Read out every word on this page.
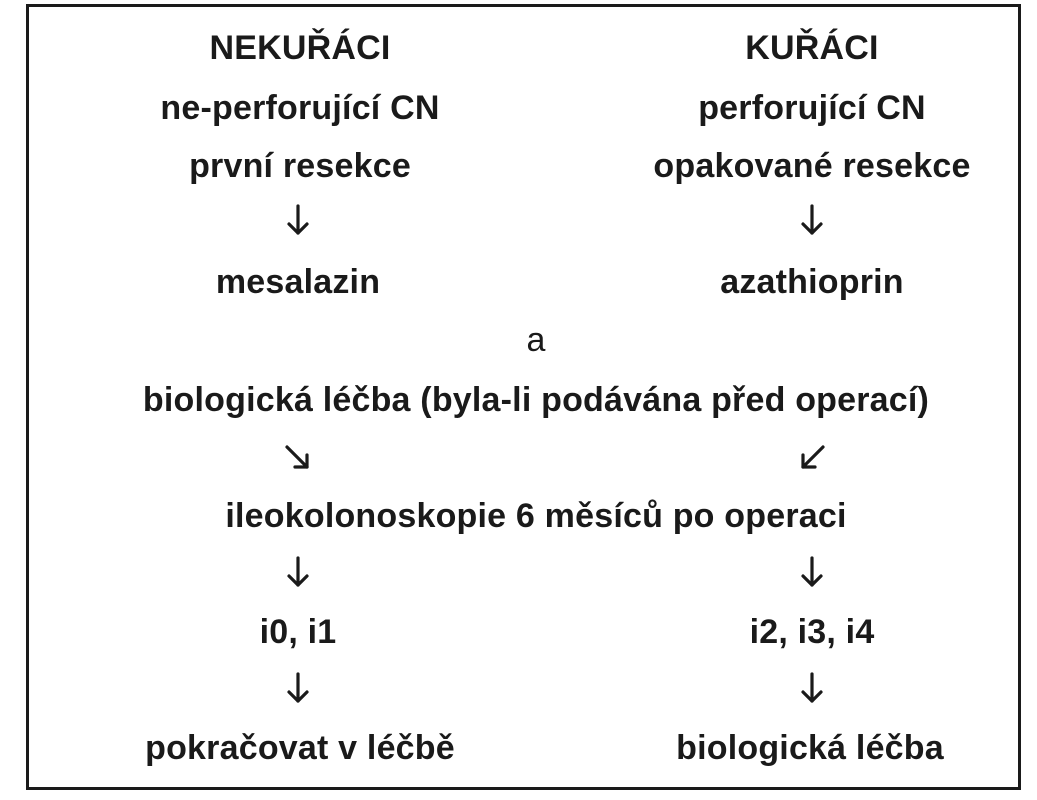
NEKUŘÁCI	KUŘÁCI
ne-perforující CN	perforující CN
první resekce	opakované resekce
mesalazin	azathioprin
a
biologická léčba (byla-li podávána před operací)
ileokolonoskopie 6 měsíců po operaci
i0, i1	i2, i3, i4
pokračovat v léčbě	biologická léčba
